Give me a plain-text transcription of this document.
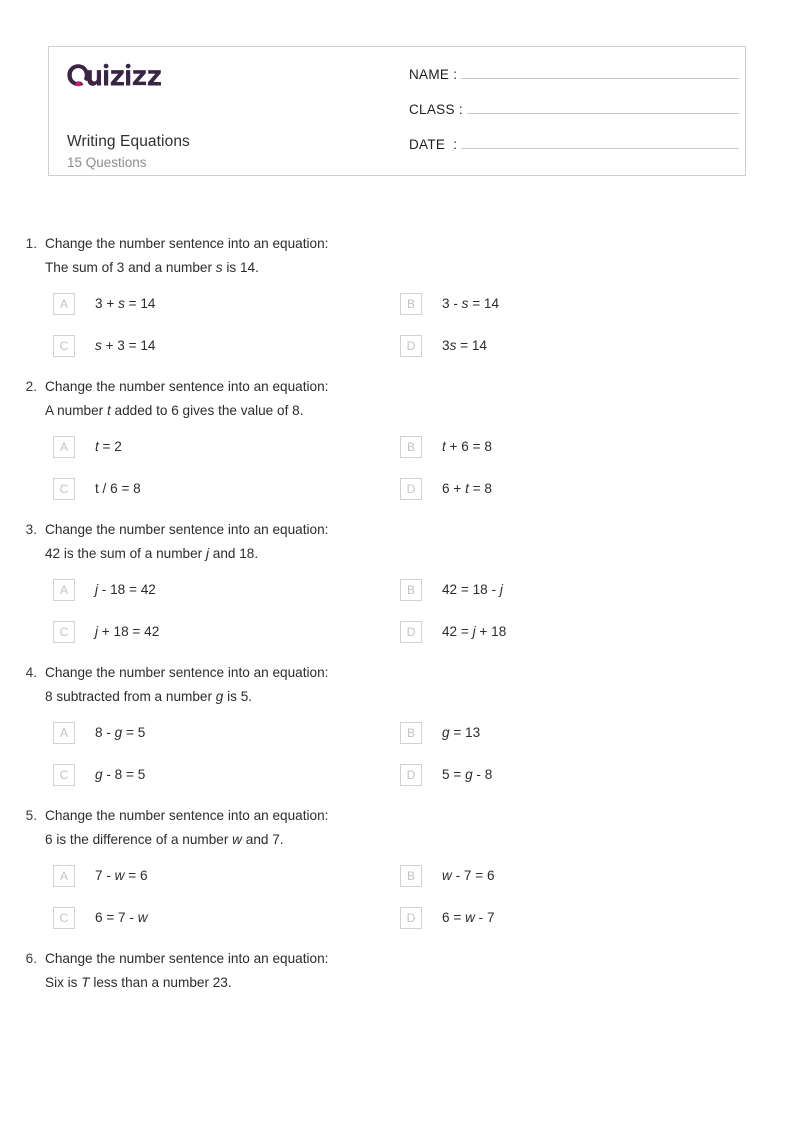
Writing Equations
15 Questions
NAME :
CLASS :
DATE  :
1. Change the number sentence into an equation:
The sum of 3 and a number s is 14.
A	3 + s = 14	B	3 - s = 14
C	s + 3 = 14	D	3s = 14
2. Change the number sentence into an equation:
A number t added to 6 gives the value of 8.
A	t = 2	B	t + 6 = 8
C	t / 6 = 8	D	6 + t = 8
3. Change the number sentence into an equation:
42 is the sum of a number j and 18.
A	j - 18 = 42	B	42 = 18 - j
C	j + 18 = 42	D	42 = j + 18
4. Change the number sentence into an equation:
8 subtracted from a number g is 5.
A	8 - g = 5	B	g = 13
C	g - 8 = 5	D	5 = g - 8
5. Change the number sentence into an equation:
6 is the difference of a number w and 7.
A	7 - w = 6	B	w - 7 = 6
C	6 = 7 - w	D	6 = w - 7
6. Change the number sentence into an equation:
Six is T less than a number 23.
